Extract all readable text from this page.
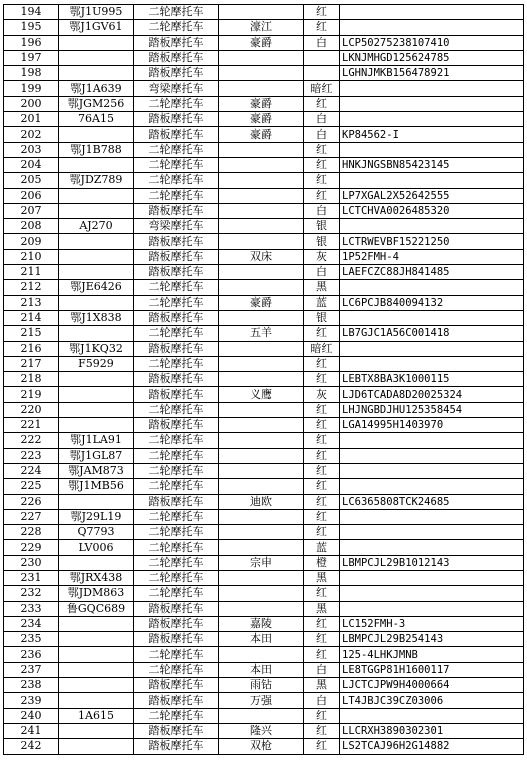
194	鄂J1U995	二轮摩托车		红	
195	鄂J1GV61	二轮摩托车	濠江	红	
196		踏板摩托车	豪爵	白	LCP50275238107410
197		踏板摩托车			LKNJMHGD125624785
198		踏板摩托车			LGHNJMKB156478921
199	鄂J1A639	弯梁摩托车		暗红	
200	鄂JGM256	二轮摩托车	豪爵	红	
201	76A15	踏板摩托车	豪爵	白	
202		踏板摩托车	豪爵	白	KP84562-I
203	鄂J1B788	二轮摩托车		红	
204		二轮摩托车		红	HNKJNGSBN85423145
205	鄂JDZ789	二轮摩托车		红	
206		二轮摩托车		红	LP7XGAL2X52642555
207		踏板摩托车		白	LCTCHVA0026485320
208	AJ270	弯梁摩托车		银	
209		踏板摩托车		银	LCTRWEVBF15221250
210		踏板摩托车	双床	灰	1P52FMH-4
211		踏板摩托车		白	LAEFCZC88JH841485
212	鄂JE6426	二轮摩托车		黑	
213		二轮摩托车	豪爵	蓝	LC6PCJB840094132
214	鄂J1X838	踏板摩托车		银	
215		二轮摩托车	五羊	红	LB7GJC1A56C001418
216	鄂J1KQ32	踏板摩托车		暗红	
217	F5929	二轮摩托车		红	
218		踏板摩托车		红	LEBTX8BA3K1000115
219		踏板摩托车	义鹰	灰	LJD6TCADA8D20025324
220		二轮摩托车		红	LHJNGBDJHU125358454
221		踏板摩托车		红	LGA14995H1403970
222	鄂J1LA91	二轮摩托车		红	
223	鄂J1GL87	二轮摩托车		红	
224	鄂JAM873	二轮摩托车		红	
225	鄂J1MB56	二轮摩托车		红	
226		踏板摩托车	迪欧	红	LC6365808TCK24685
227	鄂J29L19	二轮摩托车		红	
228	Q7793	二轮摩托车		红	
229	LV006	二轮摩托车		蓝	
230		二轮摩托车	宗申	橙	LBMPCJL29B1012143
231	鄂JRX438	二轮摩托车		黑	
232	鄂JDM863	二轮摩托车		红	
233	鲁GQC689	踏板摩托车		黑	
234		踏板摩托车	嘉陵	红	LC152FMH-3
235		踏板摩托车	本田	红	LBMPCJL29B254143
236		二轮摩托车		红	125-4LHKJMNB
237		二轮摩托车	本田	白	LE8TGGP81H1600117
238		踏板摩托车	雨钻	黑	LJCTCJPW9H4000664
239		踏板摩托车	万强	白	LT4JBJC39CZ03006
240	1A615	二轮摩托车		红	
241		踏板摩托车	隆兴	红	LLCRXH3890302301
242		踏板摩托车	双枪	红	LS2TCAJ96H2G14882
